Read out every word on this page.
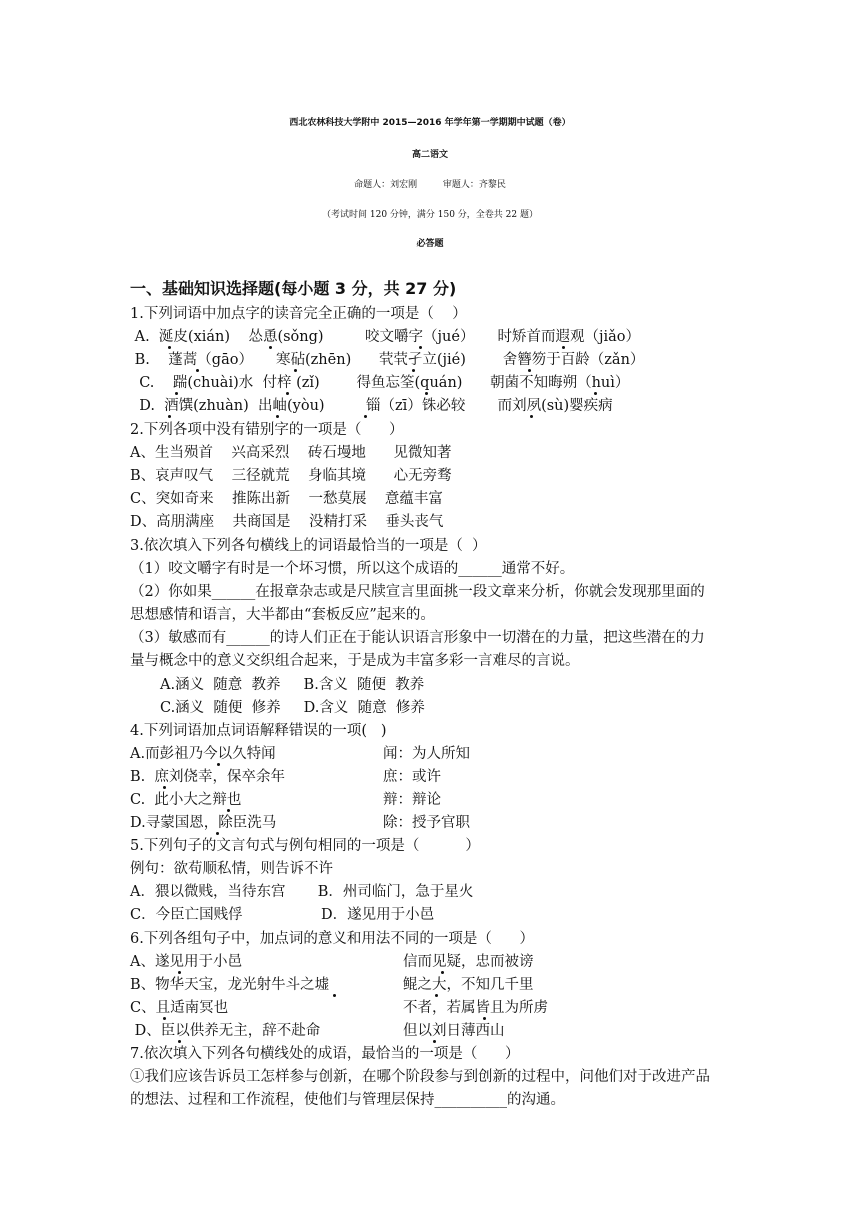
西北农林科技大学附中 2015—2016 年学年第一学期期中试题（卷）
高二语文
命题人：刘宏刚         审题人：齐黎民
（考试时间 120 分钟，满分 150 分，全卷共 22 题）
必答题
一、基础知识选择题(每小题 3 分，共 27 分)
1.下列词语中加点字的读音完全正确的一项是（    ）
A.  涎皮(xián)    怂恿(sǒng)         咬文嚼字（jué）     时矫首而遐观（jiǎo）
B.    蓬蒿（gāo）     寒砧(zhēn)      茕茕孑立(jié)        舍簪笏于百龄（zǎn）
C.    踹(chuài)水  付梓 (zǐ)        得鱼忘筌(quán)      朝菌不知晦朔（huì）
D.  酒馔(zhuàn)  出岫(yòu)         锱（zī）铢必较       而刘夙(sù)婴疾病
2.下列各项中没有错别字的一项是（      ）
A、生当殒首    兴高采烈    砖石墁地      见微知著
B、哀声叹气    三径就荒    身临其境      心无旁骛
C、突如奇来    推陈出新    一愁莫展    意蕴丰富
D、高朋满座    共商国是    没精打采    垂头丧气
3.依次填入下列各句横线上的词语最恰当的一项是（  ）
（1）咬文嚼字有时是一个坏习惯，所以这个成语的______通常不好。
（2）你如果______在报章杂志或是尺牍宣言里面挑一段文章来分析，你就会发现那里面的
思想感情和语言，大半都由“套板反应”起来的。
（3）敏感而有______的诗人们正在于能认识语言形象中一切潜在的力量，把这些潜在的力
量与概念中的意义交织组合起来，于是成为丰富多彩一言难尽的言说。
A.涵义  随意  教养     B.含义  随便  教养
C.涵义  随便  修养     D.含义  随意  修养
4.下列词语加点词语解释错误的一项(   )
A.而彭祖乃今以久特闻	闻：为人所知
B.  庶刘侥幸，保卒余年	庶：或许
C.  此小大之辩也	辩：辩论
D.寻蒙国恩，除臣洗马	除：授予官职
5.下列句子的文言句式与例句相同的一项是（          ）
例句：欲苟顺私情，则告诉不许
A．猥以微贱，当待东宫       B．州司临门，急于星火
C．今臣亡国贱俘                 D．遂见用于小邑
6.下列各组句子中，加点词的意义和用法不同的一项是（      ）
A、遂见用于小邑	信而见疑，忠而被谤
B、物华天宝，龙光射牛斗之墟	鲲之大，不知几千里
C、且适南冥也	不者，若属皆且为所虏
D、臣以供养无主，辞不赴命	但以刘日薄西山
7.依次填入下列各句横线处的成语，最恰当的一项是（      ）
①我们应该告诉员工怎样参与创新，在哪个阶段参与到创新的过程中，问他们对于改进产品
的想法、过程和工作流程，使他们与管理层保持__________的沟通。
